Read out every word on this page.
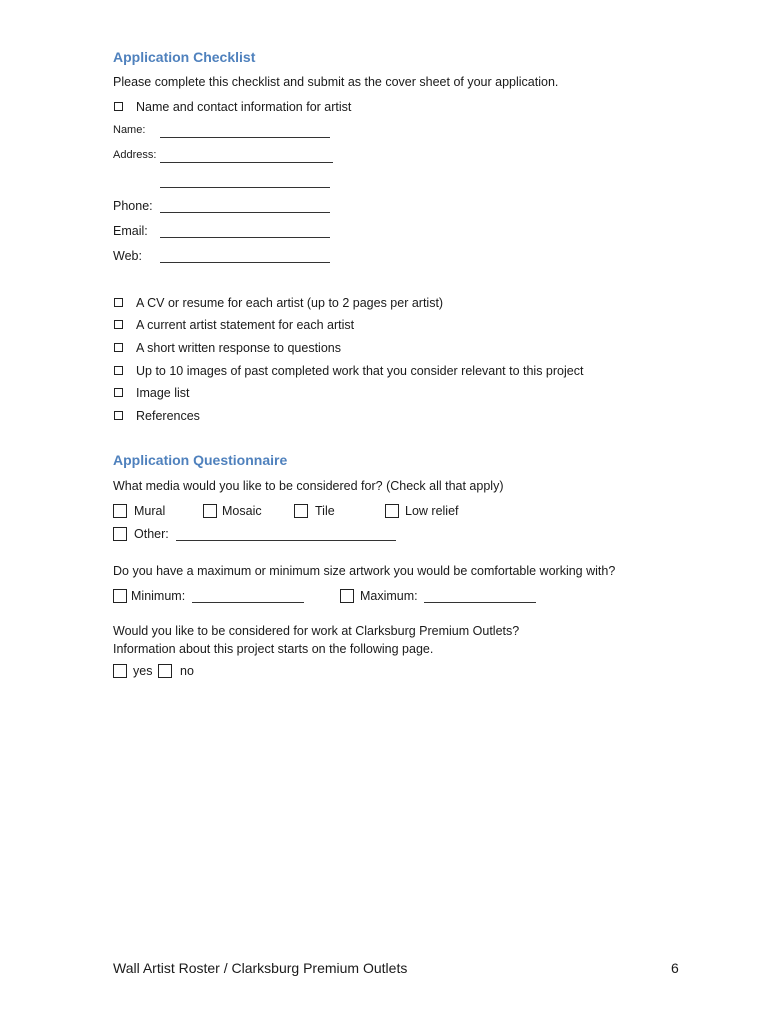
Application Checklist
Please complete this checklist and submit as the cover sheet of your application.
Name and contact information for artist
Name:
Address:
Phone:
Email:
Web:
A CV or resume for each artist (up to 2 pages per artist)
A current artist statement for each artist
A short written response to questions
Up to 10 images of past completed work that you consider relevant to this project
Image list
References
Application Questionnaire
What media would you like to be considered for? (Check all that apply)
Mural	Mosaic	Tile	Low relief
Other:
Do you have a maximum or minimum size artwork you would be comfortable working with?
Minimum:	Maximum:
Would you like to be considered for work at Clarksburg Premium Outlets?
Information about this project starts on the following page.
yes no
Wall Artist Roster / Clarksburg Premium Outlets	6
